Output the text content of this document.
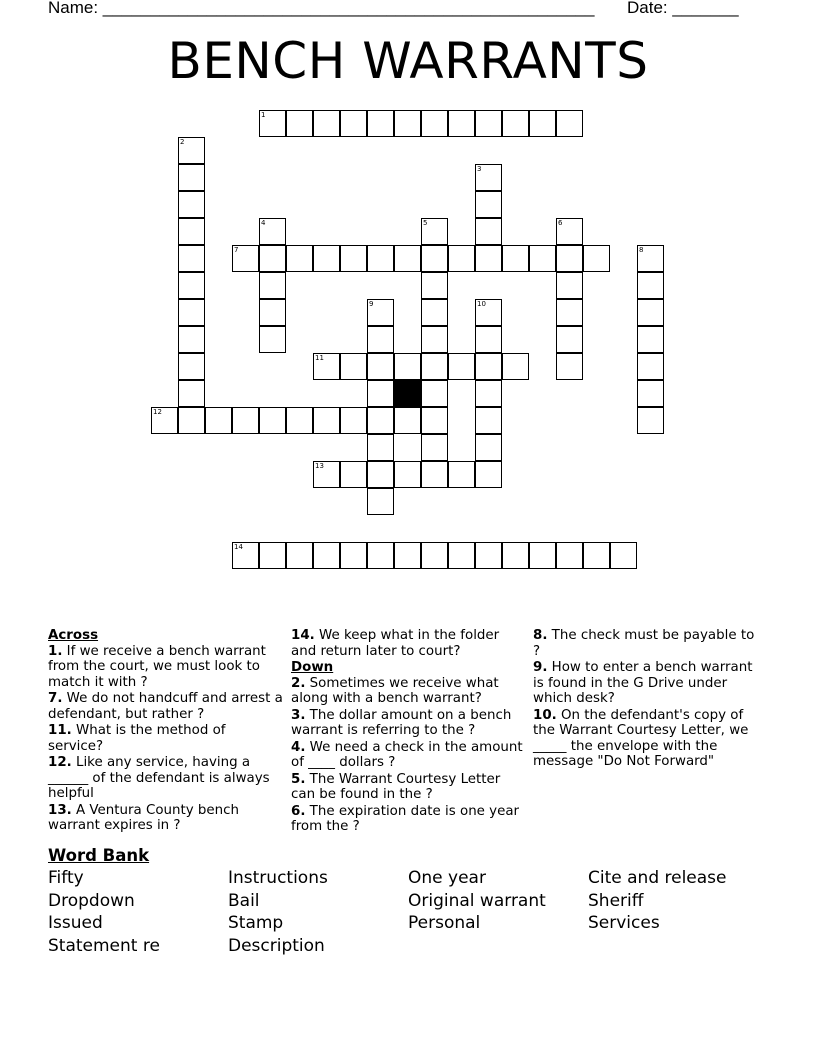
Name: ____________________________________________________ Date: _______
BENCH WARRANTS
1
2
3
4	5	6
7	8
9	10
11
12
13
14
Across
1. If we receive a bench warrant from the court, we must look to match it with ?
7. We do not handcuff and arrest a defendant, but rather ?
11. What is the method of service?
12. Like any service, having a ______ of the defendant is always helpful
13. A Ventura County bench warrant expires in ?
14. We keep what in the folder and return later to court?
Down
2. Sometimes we receive what along with a bench warrant?
3. The dollar amount on a bench warrant is referring to the ?
4. We need a check in the amount of ____ dollars ?
5. The Warrant Courtesy Letter can be found in the ?
6. The expiration date is one year from the ?
8. The check must be payable to ?
9. How to enter a bench warrant is found in the G Drive under which desk?
10. On the defendant's copy of the Warrant Courtesy Letter, we _____ the envelope with the message "Do Not Forward"
Word Bank
Fifty	Instructions	One year	Cite and release
Dropdown	Bail	Original warrant	Sheriff
Issued	Stamp	Personal	Services
Statement re	Description
